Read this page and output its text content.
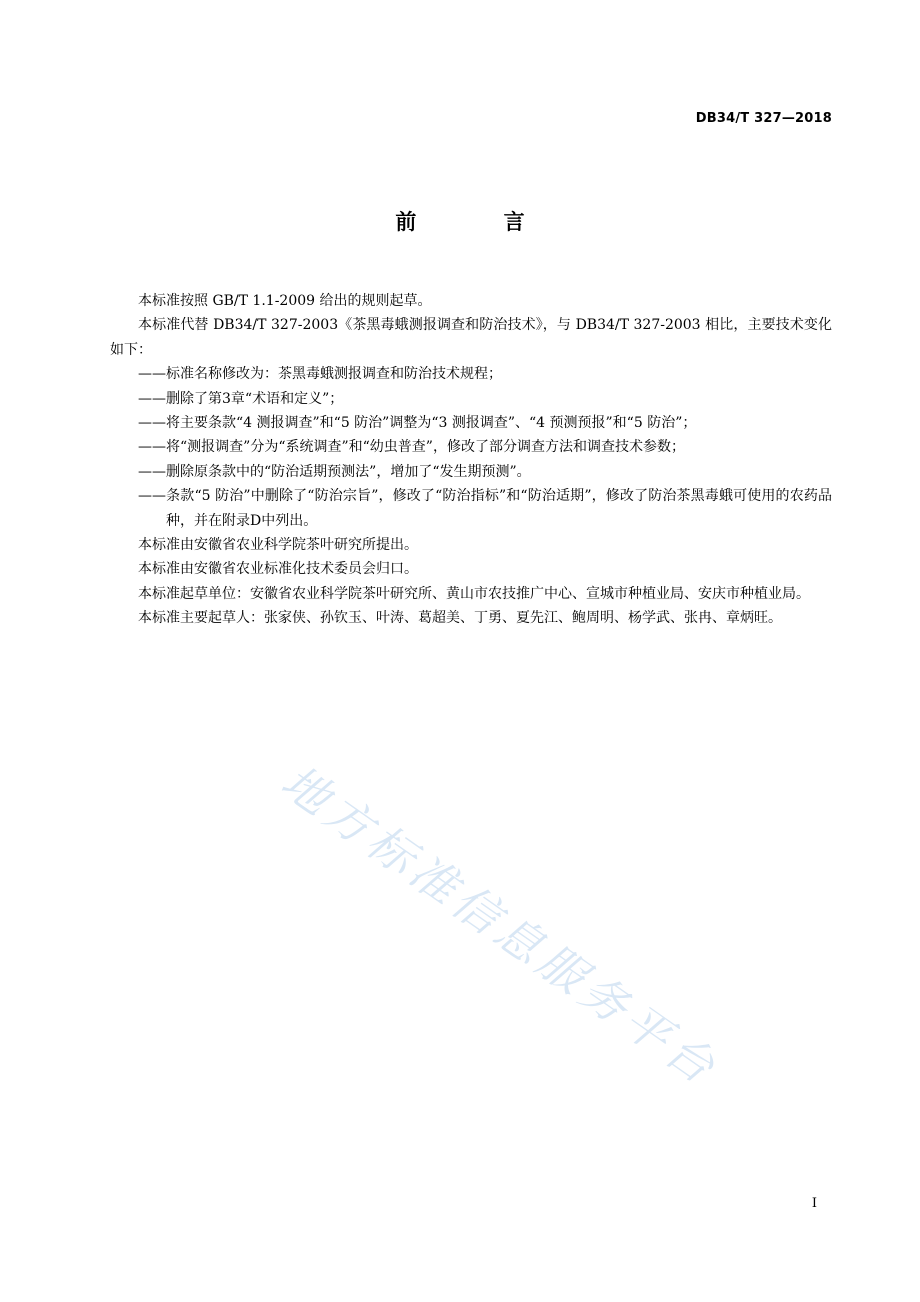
DB34/T 327—2018
前 言

本标准按照 GB/T 1.1-2009 给出的规则起草。

本标准代替 DB34/T 327-2003《茶黑毒蛾测报调查和防治技术》，与 DB34/T 327-2003 相比，主要技术变化如下：

——标准名称修改为：茶黑毒蛾测报调查和防治技术规程；

——删除了第3章“术语和定义”；

——将主要条款“4 测报调查”和“5 防治”调整为“3 测报调查”、“4 预测预报”和“5 防治”；

——将“测报调查”分为“系统调查”和“幼虫普查”，修改了部分调查方法和调查技术参数；

——删除原条款中的“防治适期预测法”，增加了“发生期预测”。

——条款“5 防治”中删除了“防治宗旨”，修改了“防治指标”和“防治适期”，修改了防治茶黑毒蛾可使用的农药品种，并在附录D中列出。

本标准由安徽省农业科学院茶叶研究所提出。

本标准由安徽省农业标准化技术委员会归口。

本标准起草单位：安徽省农业科学院茶叶研究所、黄山市农技推广中心、宣城市种植业局、安庆市种植业局。

本标准主要起草人：张家侠、孙钦玉、叶涛、葛超美、丁勇、夏先江、鲍周明、杨学武、张冉、章炳旺。

地方标准信息服务平台
I
